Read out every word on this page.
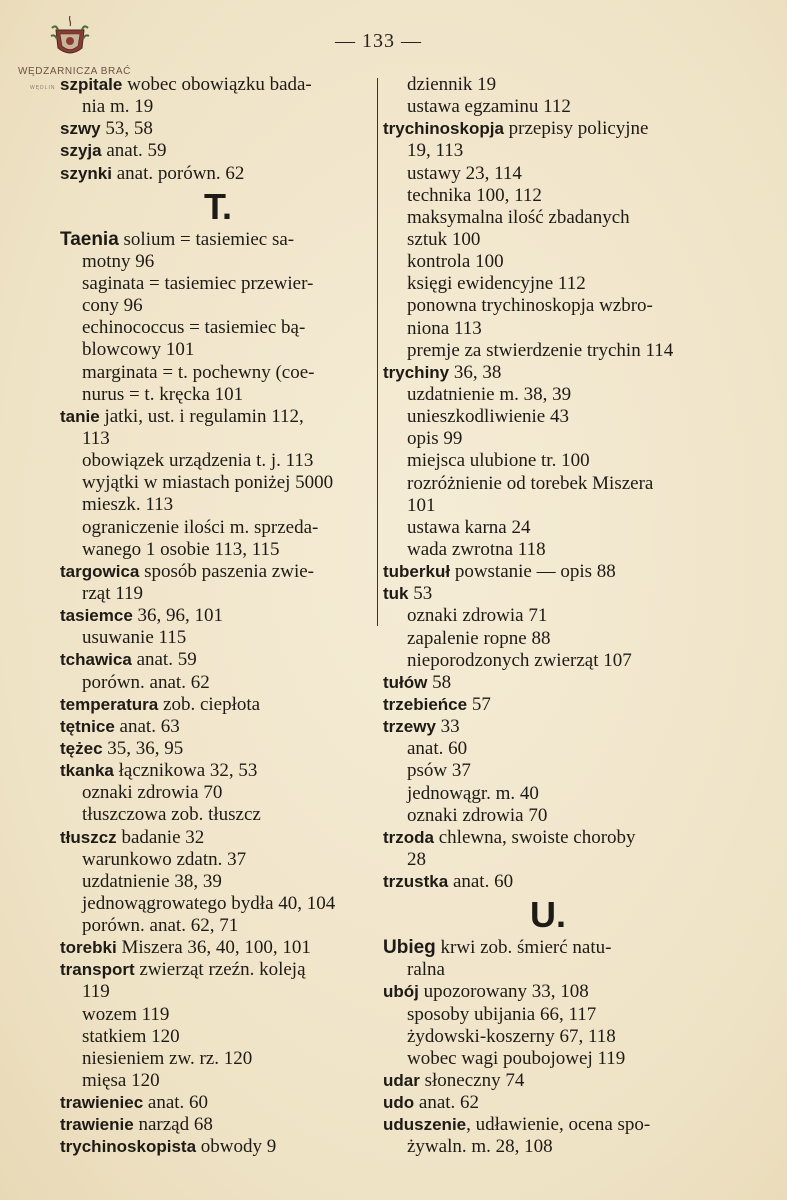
WĘDZARNICZA BRAĆ
WĘDLIN
— 133 —
szpitale wobec obowiązku bada-
nia m. 19
szwy 53, 58
szyja anat. 59
szynki anat. porówn. 62
T.
Taenia solium = tasiemiec sa-
motny 96
saginata = tasiemiec przewier-
cony 96
echinococcus = tasiemiec bą-
blowcowy 101
marginata = t. pochewny (coe-
nurus = t. kręcka 101
tanie jatki, ust. i regulamin 112,
113
obowiązek urządzenia t. j. 113
wyjątki w miastach poniżej 5000
mieszk. 113
ograniczenie ilości m. sprzeda-
wanego 1 osobie 113, 115
targowica sposób paszenia zwie-
rząt 119
tasiemce 36, 96, 101
usuwanie 115
tchawica anat. 59
porówn. anat. 62
temperatura zob. ciepłota
tętnice anat. 63
tężec 35, 36, 95
tkanka łącznikowa 32, 53
oznaki zdrowia 70
tłuszczowa zob. tłuszcz
tłuszcz badanie 32
warunkowo zdatn. 37
uzdatnienie 38, 39
jednowągrowatego bydła 40, 104
porówn. anat. 62, 71
torebki Miszera 36, 40, 100, 101
transport zwierząt rzeźn. koleją
119
wozem 119
statkiem 120
niesieniem zw. rz. 120
mięsa 120
trawieniec anat. 60
trawienie narząd 68
trychinoskopista obwody 9
dziennik 19
ustawa egzaminu 112
trychinoskopja przepisy policyjne
19, 113
ustawy 23, 114
technika 100, 112
maksymalna ilość zbadanych
sztuk 100
kontrola 100
księgi ewidencyjne 112
ponowna trychinoskopja wzbro-
niona 113
premje za stwierdzenie trychin 114
trychiny 36, 38
uzdatnienie m. 38, 39
unieszkodliwienie 43
opis 99
miejsca ulubione tr. 100
rozróżnienie od torebek Miszera
101
ustawa karna 24
wada zwrotna 118
tuberkuł powstanie — opis 88
tuk 53
oznaki zdrowia 71
zapalenie ropne 88
nieporodzonych zwierząt 107
tułów 58
trzebieńce 57
trzewy 33
anat. 60
psów 37
jednowągr. m. 40
oznaki zdrowia 70
trzoda chlewna, swoiste choroby
28
trzustka anat. 60
U.
Ubieg krwi zob. śmierć natu-
ralna
ubój upozorowany 33, 108
sposoby ubijania 66, 117
żydowski-koszerny 67, 118
wobec wagi poubojowej 119
udar słoneczny 74
udo anat. 62
uduszenie, udławienie, ocena spo-
żywaln. m. 28, 108
